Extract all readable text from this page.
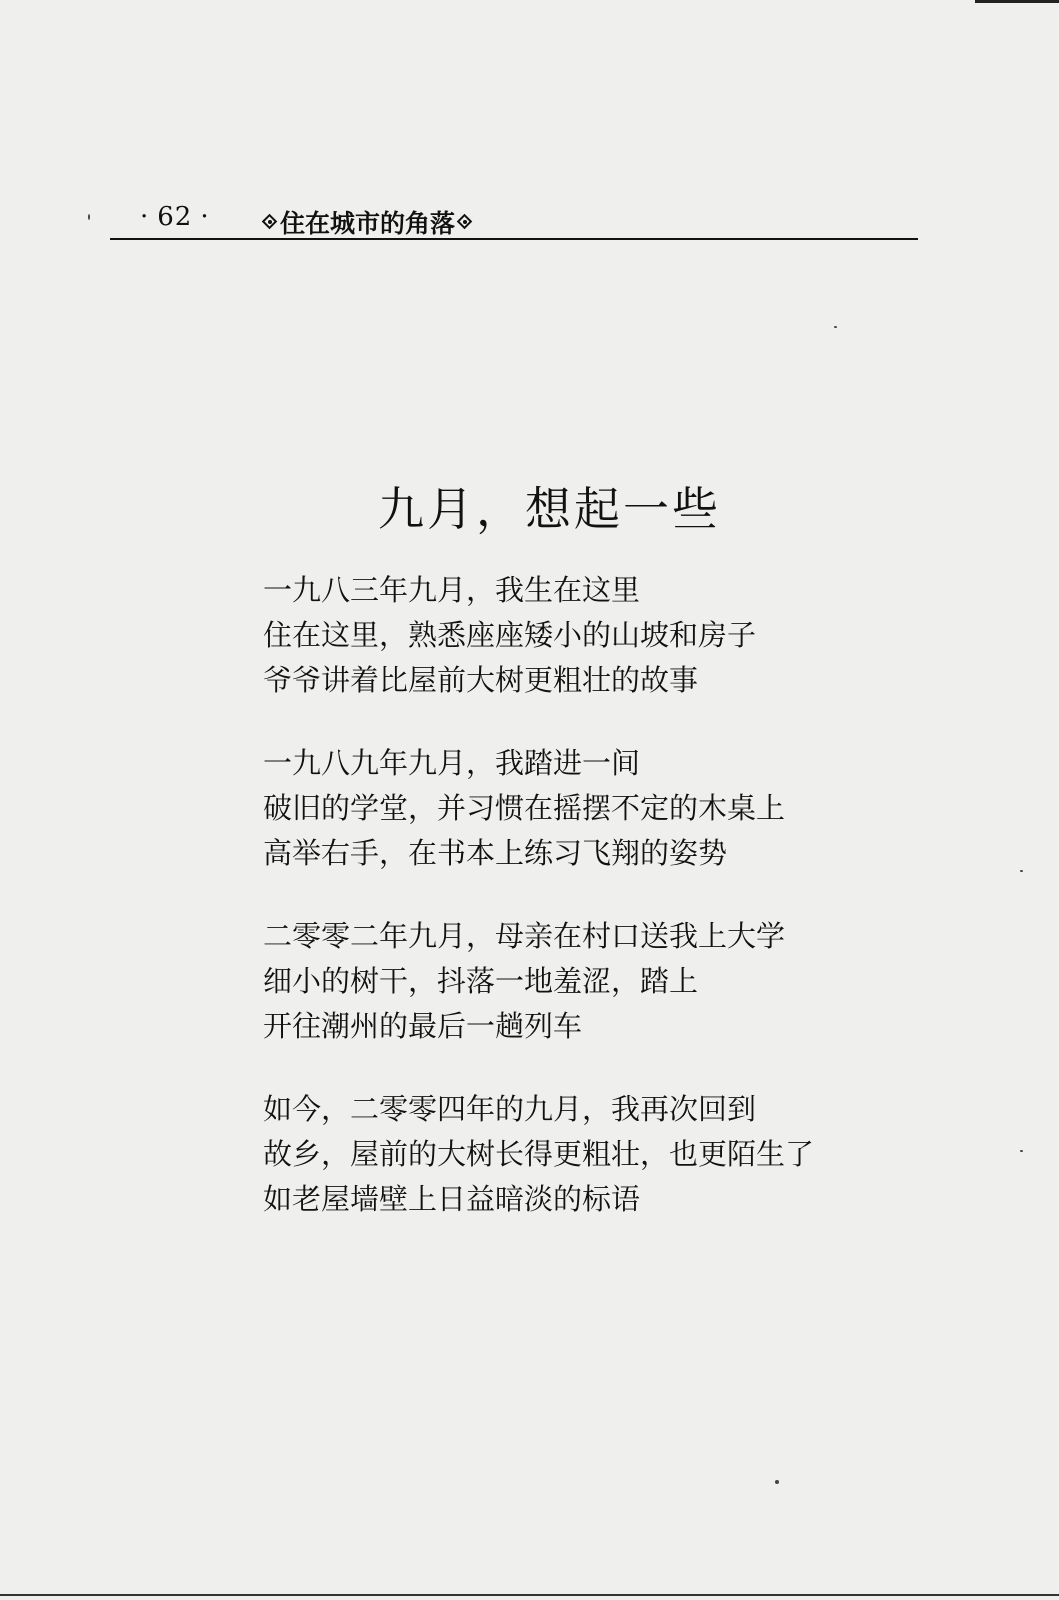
· 62 ·	住在城市的角落
九月，想起一些
一九八三年九月，我生在这里
住在这里，熟悉座座矮小的山坡和房子
爷爷讲着比屋前大树更粗壮的故事
一九八九年九月，我踏进一间
破旧的学堂，并习惯在摇摆不定的木桌上
高举右手，在书本上练习飞翔的姿势
二零零二年九月，母亲在村口送我上大学
细小的树干，抖落一地羞涩，踏上
开往潮州的最后一趟列车
如今，二零零四年的九月，我再次回到
故乡，屋前的大树长得更粗壮，也更陌生了
如老屋墙壁上日益暗淡的标语
